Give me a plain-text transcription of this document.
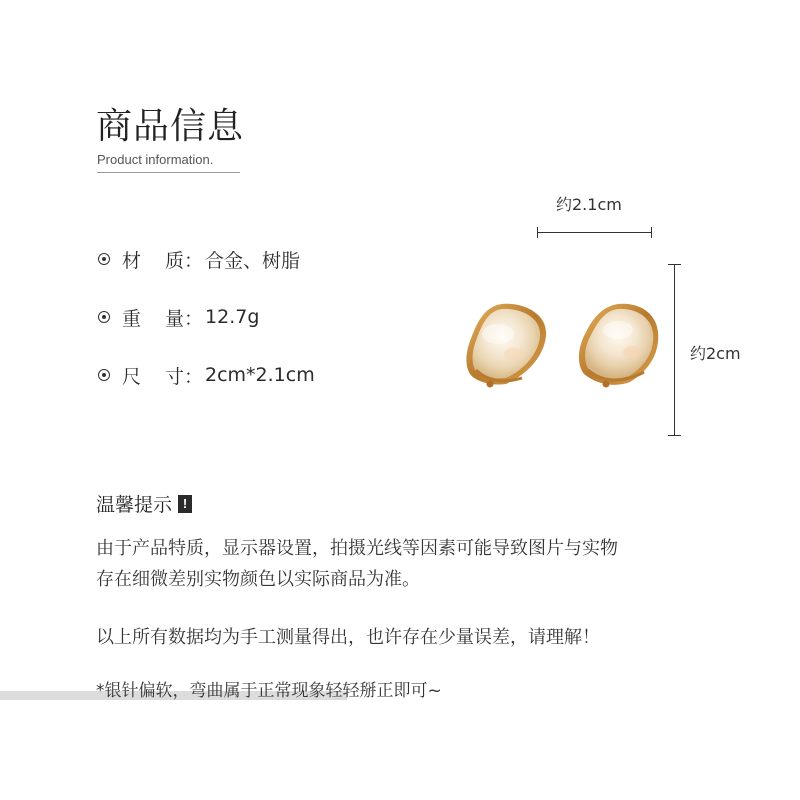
商品信息
Product information.
材 质 ： 合金、树脂
重 量 ： 12.7g
尺 寸 ： 2cm*2.1cm
约2.1cm
约2cm
温馨提示 !
由于产品特质，显示器设置，拍摄光线等因素可能导致图片与实物
存在细微差别实物颜色以实际商品为准。
以上所有数据均为手工测量得出，也许存在少量误差，请理解！
*银针偏软，弯曲属于正常现象轻轻掰正即可~
